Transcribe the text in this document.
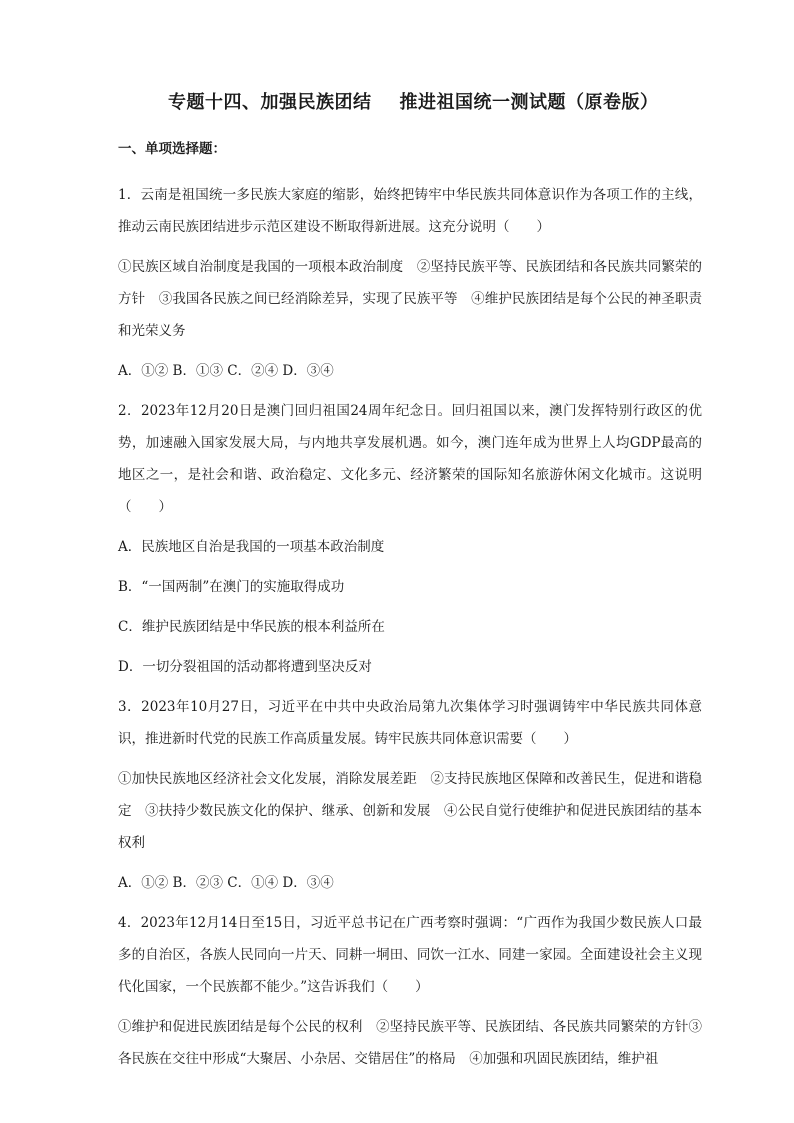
专题十四、加强民族团结 推进祖国统一测试题（原卷版）
一、单项选择题：
1．云南是祖国统一多民族大家庭的缩影，始终把铸牢中华民族共同体意识作为各项工作的主线，推动云南民族团结进步示范区建设不断取得新进展。这充分说明（　　）
①民族区域自治制度是我国的一项根本政治制度　②坚持民族平等、民族团结和各民族共同繁荣的方针　③我国各民族之间已经消除差异，实现了民族平等　④维护民族团结是每个公民的神圣职责和光荣义务
A．①② B．①③ C．②④ D．③④
2．2023年12月20日是澳门回归祖国24周年纪念日。回归祖国以来，澳门发挥特别行政区的优势，加速融入国家发展大局，与内地共享发展机遇。如今，澳门连年成为世界上人均GDP最高的地区之一，是社会和谐、政治稳定、文化多元、经济繁荣的国际知名旅游休闲文化城市。这说明（　　）
A．民族地区自治是我国的一项基本政治制度
B．“一国两制”在澳门的实施取得成功
C．维护民族团结是中华民族的根本利益所在
D．一切分裂祖国的活动都将遭到坚决反对
3．2023年10月27日，习近平在中共中央政治局第九次集体学习时强调铸牢中华民族共同体意识，推进新时代党的民族工作高质量发展。铸牢民族共同体意识需要（　　）
①加快民族地区经济社会文化发展，消除发展差距　②支持民族地区保障和改善民生，促进和谐稳定　③扶持少数民族文化的保护、继承、创新和发展　④公民自觉行使维护和促进民族团结的基本权利
A．①② B．②③ C．①④ D．③④
4．2023年12月14日至15日，习近平总书记在广西考察时强调：“广西作为我国少数民族人口最多的自治区，各族人民同向一片天、同耕一垌田、同饮一江水、同建一家园。全面建设社会主义现代化国家，一个民族都不能少。”这告诉我们（　　）
①维护和促进民族团结是每个公民的权利　②坚持民族平等、民族团结、各民族共同繁荣的方针③各民族在交往中形成“大聚居、小杂居、交错居住”的格局　④加强和巩固民族团结，维护祖
